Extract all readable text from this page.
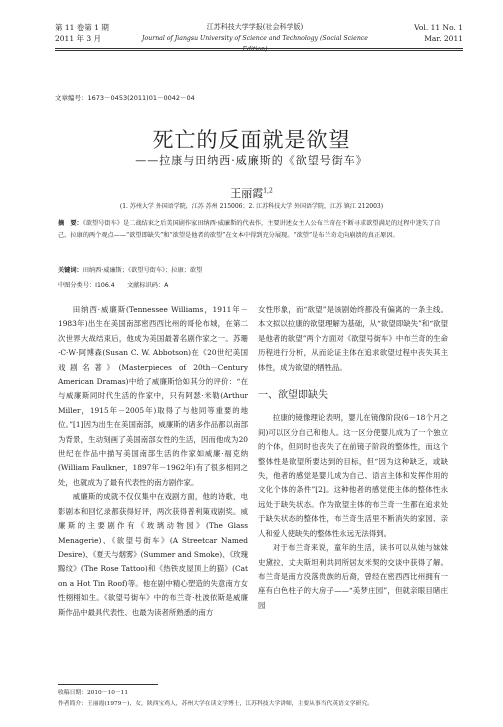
第 11 卷第 1 期
2011 年 3 月
江苏科技大学学报(社会科学版)
Journal of Jiangsu University of Science and Technology (Social Science Edition)
Vol. 11 No. 1
Mar. 2011
文章编号：1673－0453(2011)01－0042－04
死亡的反面就是欲望
——拉康与田纳西·威廉斯的《欲望号街车》
王丽霞$^{1,2}$
(1. 苏州大学 外国语学院，江苏 苏州 215006；2. 江苏科技大学 外国语学院，江苏 镇江 212003)
摘　要：《欲望号街车》是二战结束之后美国剧作家田纳西·威廉斯的代表作，主要讲述女主人公布兰奇在不断寻求欲望满足的过程中迷失了自己。拉康的两个观点——“欲望即缺失”和“欲望是他者的欲望”在文本中得到充分展现。“欲望”是布兰奇走向崩溃的真正原因。
关键词：田纳西·威廉斯；《欲望号街车》；拉康；欲望
中图分类号：I106.4　　文献标识码：A

田纳西·威廉斯(Tennessee Williams，1911年－1983年)出生在美国南部密西西比州的哥伦布城，在第二次世界大战结束后，他成为美国最著名剧作家之一。苏珊·C·W·阿博森(Susan C. W. Abbotson)在《20世纪美国戏剧名著》(Masterpieces of 20th－Century American Dramas)中给了威廉斯恰如其分的评价：“在与威廉斯同时代生活的作家中，只有阿瑟·米勒(Arthur Miller，1915年－2005年)取得了与他同等重要的地位。”[1]因为出生在美国南部，威廉斯的诸多作品都以南部为背景，生动刻画了美国南部女性的生活，因而他成为20世纪在作品中描写美国南部生活的作家如威廉·福克纳(William Faulkner，1897年－1962年)有了很多相同之处，也就成为了最有代表性的南方剧作家。

威廉斯的成就不仅仅集中在戏剧方面，他的诗歌、电影剧本和回忆录都获得好评，两次获得普利策戏剧奖。威廉斯的主要剧作有《玻璃动物园》(The Glass Menagerie)、《欲望号街车》(A Streetcar Named Desire)、《夏天与烟雾》(Summer and Smoke)、《玫瑰黥纹》(The Rose Tattoo)和《热铁皮屋顶上的猫》(Cat on a Hot Tin Roof)等。他在剧中精心塑造的失意南方女性栩栩如生。《欲望号街车》中的布兰奇·杜波依斯是威廉斯作品中最具代表性、也最为读者所熟悉的南方

女性形象，而“欲望”是该剧始终都没有偏离的一条主线。本文拟以拉康的欲望理解为基础，从“欲望即缺失”和“欲望是他者的欲望”两个方面对《欲望号街车》中布兰奇的生命历程进行分析，从而论证主体在追求欲望过程中丧失其主体性，成为欲望的牺牲品。

一、欲望即缺失

拉康的镜像理论表明，婴儿在镜像阶段(6－18个月之间)可以区分自己和他人。这一区分使婴儿成为了一个独立的个体，但同时也丧失了在前镜子阶段的整体性，而这个整体性是欲望所要达到的目标，但“因为这种缺乏，或缺失，他者的感觉是婴儿成为自己、语言主体和发挥作用的文化个体的条件”[2]。这种他者的感觉使主体的整体性永远处于缺失状态。作为欲望主体的布兰奇一生都在追求处于缺失状态的整体性，布兰奇生活里不断消失的家园、亲人和爱人使缺失的整体性永远无法得到。

对于布兰奇来说，童年的生活，读书可以从她与妹妹史黛拉、丈夫斯坦利共同所居友米契的交谈中获得了解。布兰奇是南方没落贵族的后裔，曾经在密西西比州拥有一座有白色柱子的大房子——“美梦庄园”，但就亲眼目睹庄园

收稿日期：2010－10－11
作者简介：王丽霞(1979－)，女，陕西宝鸡人，苏州大学在读文学博士，江苏科技大学讲师，主要从事当代英语文学研究。
